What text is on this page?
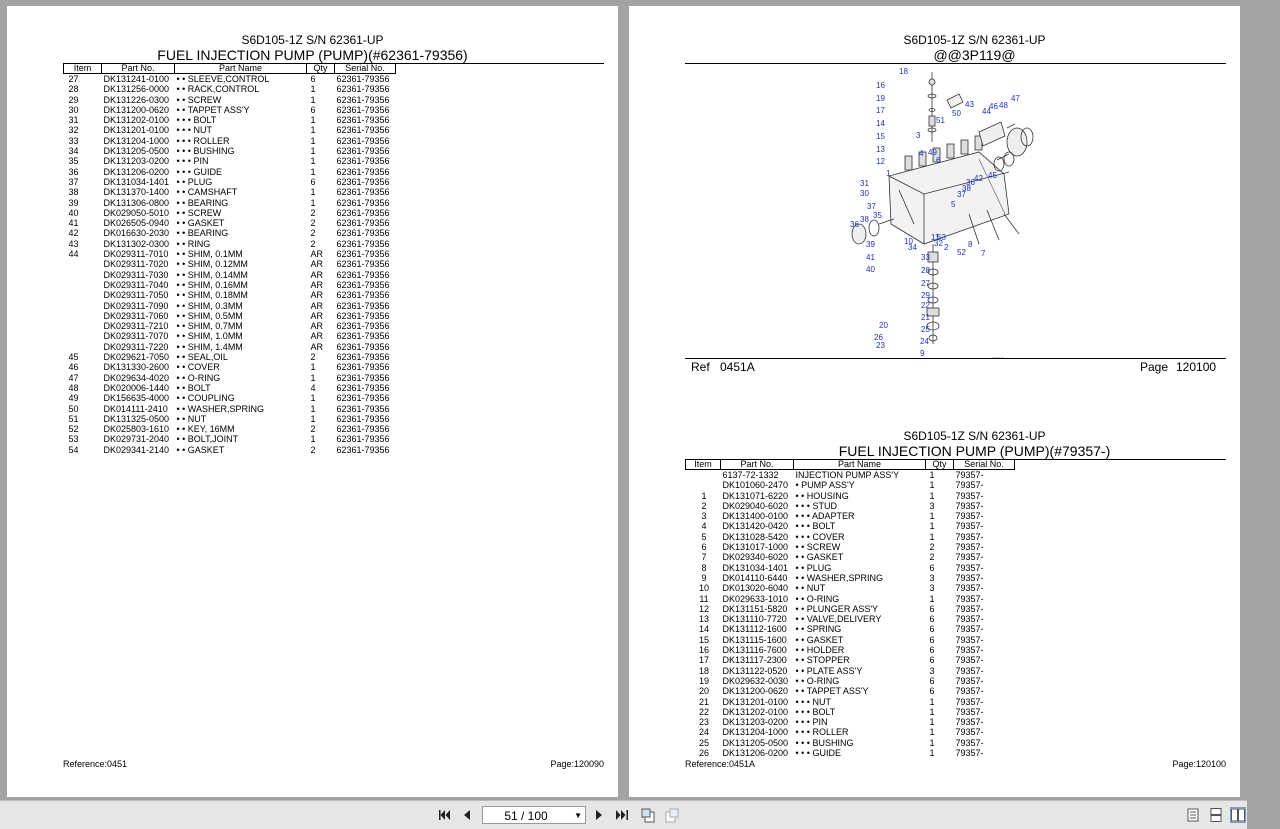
S6D105-1Z S/N 62361-UP
FUEL INJECTION PUMP (PUMP)(#62361-79356)
Item	Part No.	Part Name	Qty	Serial No.
27	DK131241-0100	• • SLEEVE,CONTROL	6	62361-79356
28	DK131256-0000	• • RACK,CONTROL	1	62361-79356
29	DK131226-0300	• • SCREW	1	62361-79356
30	DK131200-0620	• • TAPPET ASS'Y	6	62361-79356
31	DK131202-0100	• • • BOLT	1	62361-79356
32	DK131201-0100	• • • NUT	1	62361-79356
33	DK131204-1000	• • • ROLLER	1	62361-79356
34	DK131205-0500	• • • BUSHING	1	62361-79356
35	DK131203-0200	• • • PIN	1	62361-79356
36	DK131206-0200	• • • GUIDE	1	62361-79356
37	DK131034-1401	• • PLUG	6	62361-79356
38	DK131370-1400	• • CAMSHAFT	1	62361-79356
39	DK131306-0800	• • BEARING	1	62361-79356
40	DK029050-5010	• • SCREW	2	62361-79356
41	DK026505-0940	• • GASKET	2	62361-79356
42	DK016630-2030	• • BEARING	2	62361-79356
43	DK131302-0300	• • RING	2	62361-79356
44	DK029311-7010	• • SHIM, 0.1MM	AR	62361-79356
	DK029311-7020	• • SHIM, 0.12MM	AR	62361-79356
	DK029311-7030	• • SHIM, 0.14MM	AR	62361-79356
	DK029311-7040	• • SHIM, 0.16MM	AR	62361-79356
	DK029311-7050	• • SHIM, 0.18MM	AR	62361-79356
	DK029311-7090	• • SHIM, 0.3MM	AR	62361-79356
	DK029311-7060	• • SHIM, 0.5MM	AR	62361-79356
	DK029311-7210	• • SHIM, 0.7MM	AR	62361-79356
	DK029311-7070	• • SHIM, 1.0MM	AR	62361-79356
	DK029311-7220	• • SHIM, 1.4MM	AR	62361-79356
45	DK029621-7050	• • SEAL,OIL	2	62361-79356
46	DK131330-2600	• • COVER	1	62361-79356
47	DK029634-4020	• • O-RING	1	62361-79356
48	DK020006-1440	• • BOLT	4	62361-79356
49	DK156635-4000	• • COUPLING	1	62361-79356
50	DK014111-2410	• • WASHER,SPRING	1	62361-79356
51	DK131325-0500	• • NUT	1	62361-79356
52	DK025803-1610	• • KEY, 16MM	2	62361-79356
53	DK029731-2040	• • BOLT,JOINT	1	62361-79356
54	DK029341-2140	• • GASKET	2	62361-79356
Reference:0451	Page:120090
S6D105-1Z S/N 62361-UP
@@3P119@
18
16
19
17
14
15
13
12
1
31
30
37
35
36
38
39
41
40
20
26
23
9
24
25
21
22
29
27
28
33
34 32
10 11
2
53
52
8
7
5
37
38
36 42 45
49
6
4
3
51
50
43
44
46 48
47
P21F115
Ref 0451A	Page 120100
S6D105-1Z S/N 62361-UP
FUEL INJECTION PUMP (PUMP)(#79357-)
Item	Part No.	Part Name	Qty	Serial No.
	6137-72-1332	INJECTION PUMP ASS'Y	1	79357-
	DK101060-2470	• PUMP ASS'Y	1	79357-
1	DK131071-6220	• • HOUSING	1	79357-
2	DK029040-6020	• • • STUD	3	79357-
3	DK131400-0100	• • • ADAPTER	1	79357-
4	DK131420-0420	• • • BOLT	1	79357-
5	DK131028-5420	• • • COVER	1	79357-
6	DK131017-1000	• • SCREW	2	79357-
7	DK029340-6020	• • GASKET	2	79357-
8	DK131034-1401	• • PLUG	6	79357-
9	DK014110-6440	• • WASHER,SPRING	3	79357-
10	DK013020-6040	• • NUT	3	79357-
11	DK029633-1010	• • O-RING	1	79357-
12	DK131151-5820	• • PLUNGER ASS'Y	6	79357-
13	DK131110-7720	• • VALVE,DELIVERY	6	79357-
14	DK131112-1600	• • SPRING	6	79357-
15	DK131115-1600	• • GASKET	6	79357-
16	DK131116-7600	• • HOLDER	6	79357-
17	DK131117-2300	• • STOPPER	6	79357-
18	DK131122-0520	• • PLATE ASS'Y	3	79357-
19	DK029632-0030	• • O-RING	6	79357-
20	DK131200-0620	• • TAPPET ASS'Y	6	79357-
21	DK131201-0100	• • • NUT	1	79357-
22	DK131202-0100	• • • BOLT	1	79357-
23	DK131203-0200	• • • PIN	1	79357-
24	DK131204-1000	• • • ROLLER	1	79357-
25	DK131205-0500	• • • BUSHING	1	79357-
26	DK131206-0200	• • • GUIDE	1	79357-
Reference:0451A	Page:120100
51 / 100	▼
